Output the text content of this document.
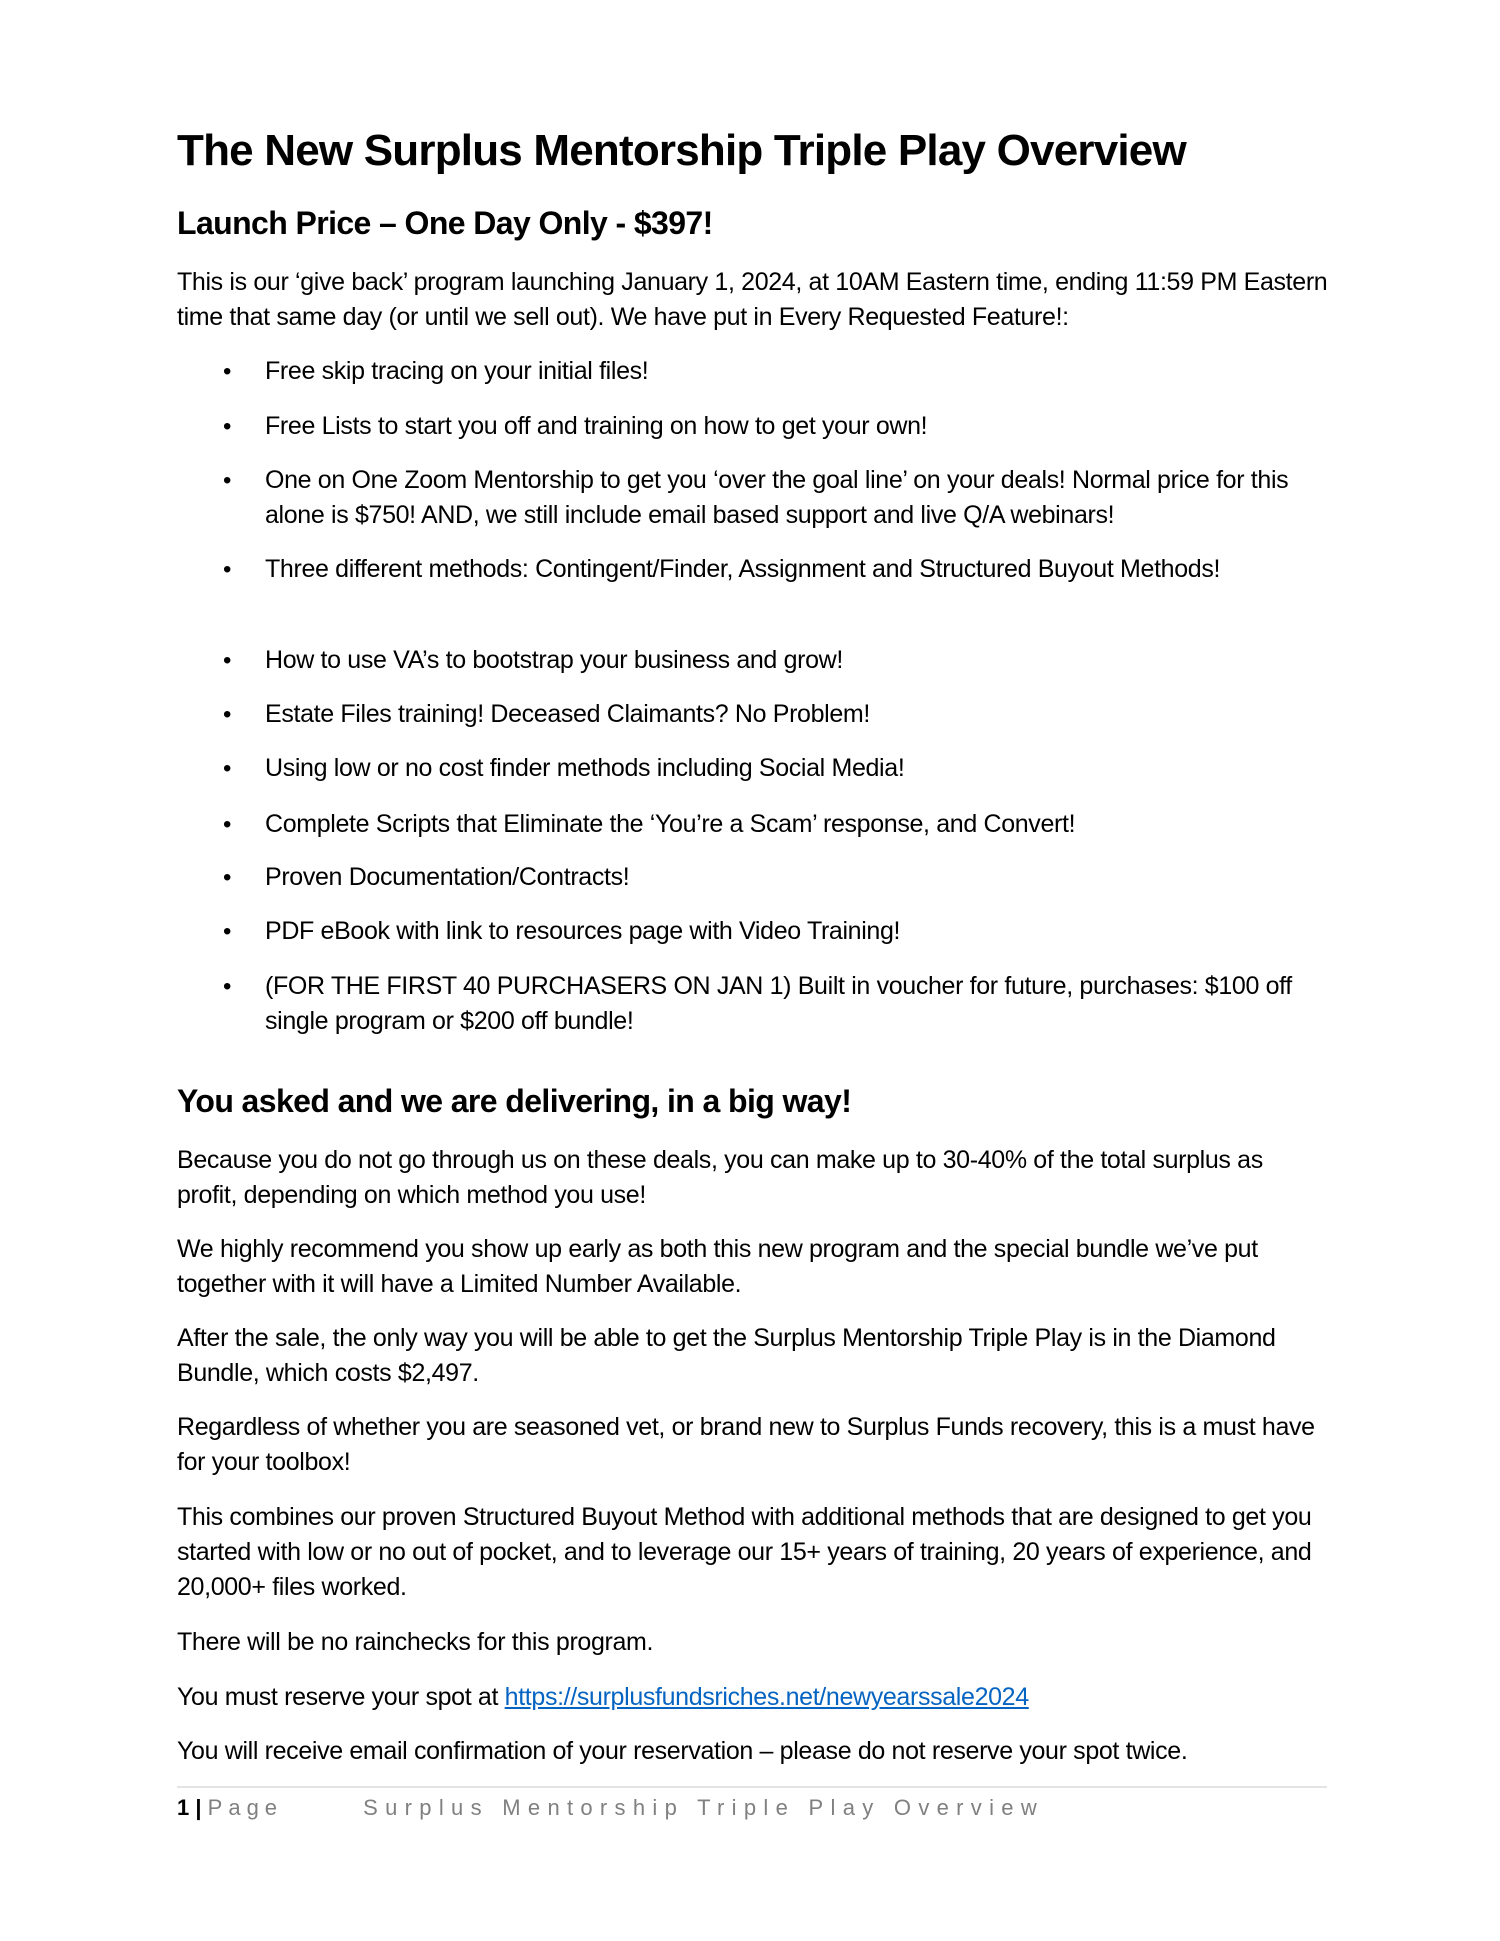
The New Surplus Mentorship Triple Play Overview
Launch Price – One Day Only - $397!
This is our ‘give back’ program launching January 1, 2024, at 10AM Eastern time, ending 11:59 PM Eastern time that same day (or until we sell out). We have put in Every Requested Feature!:
• Free skip tracing on your initial files!
• Free Lists to start you off and training on how to get your own!
• One on One Zoom Mentorship to get you ‘over the goal line’ on your deals! Normal price for this alone is $750! AND, we still include email based support and live Q/A webinars!
• Three different methods: Contingent/Finder, Assignment and Structured Buyout Methods!
• How to use VA’s to bootstrap your business and grow!
• Estate Files training! Deceased Claimants? No Problem!
• Using low or no cost finder methods including Social Media!
• Complete Scripts that Eliminate the ‘You’re a Scam’ response, and Convert!
• Proven Documentation/Contracts!
• PDF eBook with link to resources page with Video Training!
• (FOR THE FIRST 40 PURCHASERS ON JAN 1) Built in voucher for future, purchases: $100 off single program or $200 off bundle!
You asked and we are delivering, in a big way!
Because you do not go through us on these deals, you can make up to 30-40% of the total surplus as profit, depending on which method you use!
We highly recommend you show up early as both this new program and the special bundle we’ve put together with it will have a Limited Number Available.
After the sale, the only way you will be able to get the Surplus Mentorship Triple Play is in the Diamond Bundle, which costs $2,497.
Regardless of whether you are seasoned vet, or brand new to Surplus Funds recovery, this is a must have for your toolbox!
This combines our proven Structured Buyout Method with additional methods that are designed to get you started with low or no out of pocket, and to leverage our 15+ years of training, 20 years of experience, and 20,000+ files worked.
There will be no rainchecks for this program.
You must reserve your spot at https://surplusfundsriches.net/newyearssale2024
You will receive email confirmation of your reservation – please do not reserve your spot twice.
1 | Page	Surplus Mentorship Triple Play Overview
